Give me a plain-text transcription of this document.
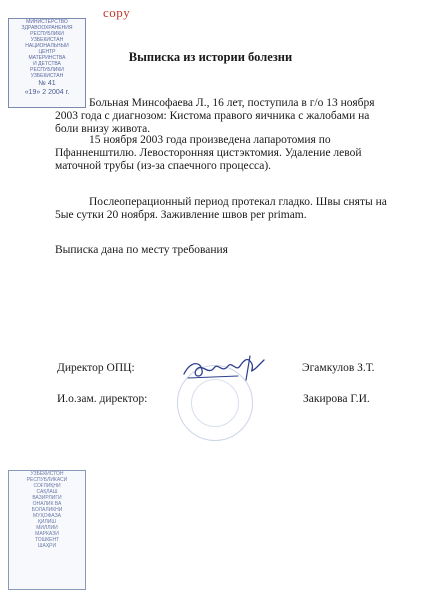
copy
МИНИСТЕРСТВО
ЗДРАВООХРАНЕНИЯ
РЕСПУБЛИКИ
УЗБЕКИСТАН
НАЦИОНАЛЬНЫЙ
ЦЕНТР
МАТЕРИНСТВА
И ДЕТСТВА
РЕСПУБЛИКИ
УЗБЕКИСТАН
№ 41
«19» 2 2004 г.
Выписка из истории болезни
Больная Минсофаева Л., 16 лет, поступила в г/о 13 ноября 2003 года с диагнозом: Кистома правого яичника с жалобами на боли внизу живота.
15 ноября 2003 года произведена лапаротомия по Пфанненштилю. Левосторонняя цистэктомия. Удаление левой маточной трубы (из-за спаечного процесса).
Послеоперационный период протекал гладко. Швы сняты на 5ые сутки 20 ноября. Заживление швов per primam.
Выписка дана по месту требования
Директор ОПЦ:	Эгамкулов З.Т.
И.о.зам. директор:	Закирова Г.И.
ЎЗБЕКИСТОН
РЕСПУБЛИКАСИ
СОҒЛИҚНИ
САҚЛАШ
ВАЗИРЛИГИ
ОНАЛИК ВА
БОЛАЛИКНИ
МУҲОФАЗА
ҚИЛИШ
МИЛЛИЙ
МАРКАЗИ
ТОШКЕНТ
ШАҲРИ
